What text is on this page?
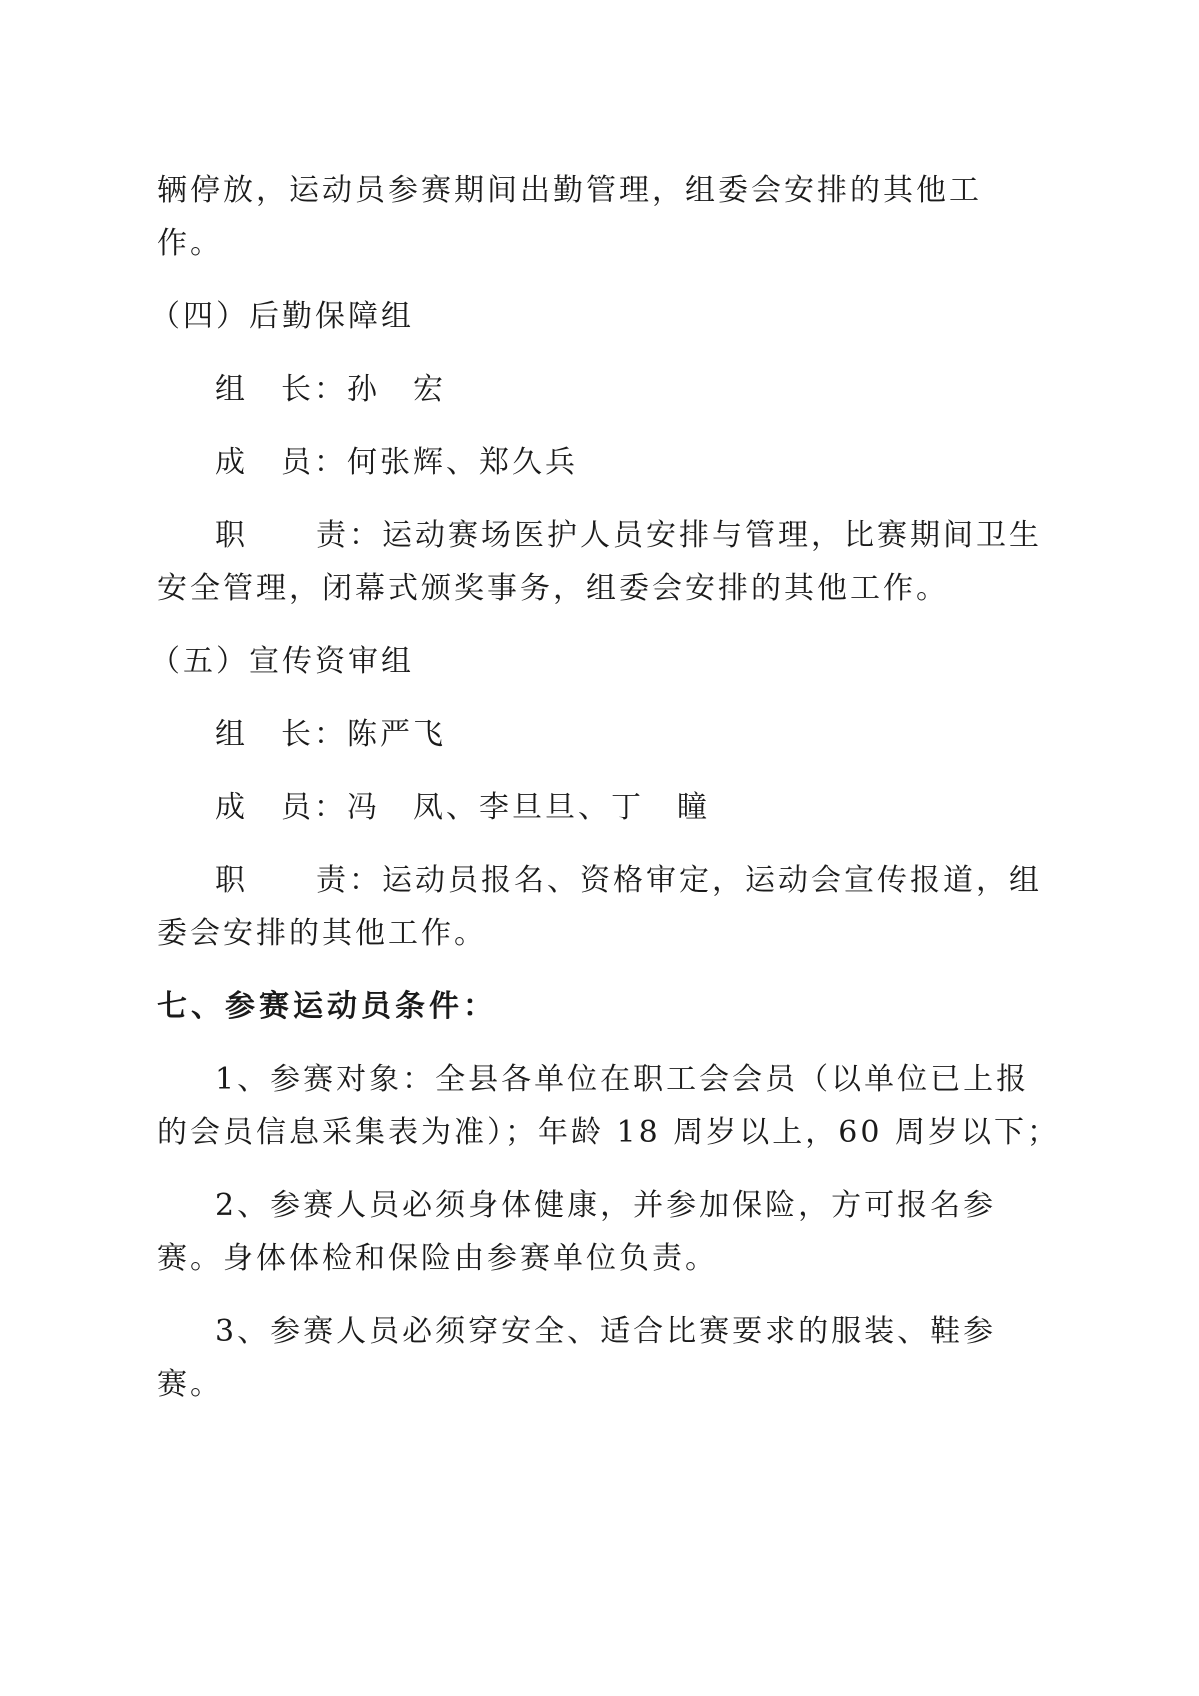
辆停放，运动员参赛期间出勤管理，组委会安排的其他工
作。
（四）后勤保障组
组　长：孙　宏
成　员：何张辉、郑久兵
职 责：运动赛场医护人员安排与管理，比赛期间卫生
安全管理，闭幕式颁奖事务，组委会安排的其他工作。
（五）宣传资审组
组　长：陈严飞
成　员：冯　凤、李旦旦、丁　瞳
职 责：运动员报名、资格审定，运动会宣传报道，组
委会安排的其他工作。
七、参赛运动员条件：
1、参赛对象：全县各单位在职工会会员（以单位已上报
的会员信息采集表为准）；年龄 18 周岁以上，60 周岁以下；
2、参赛人员必须身体健康，并参加保险，方可报名参
赛。身体体检和保险由参赛单位负责。
3、参赛人员必须穿安全、适合比赛要求的服装、鞋参
赛。
